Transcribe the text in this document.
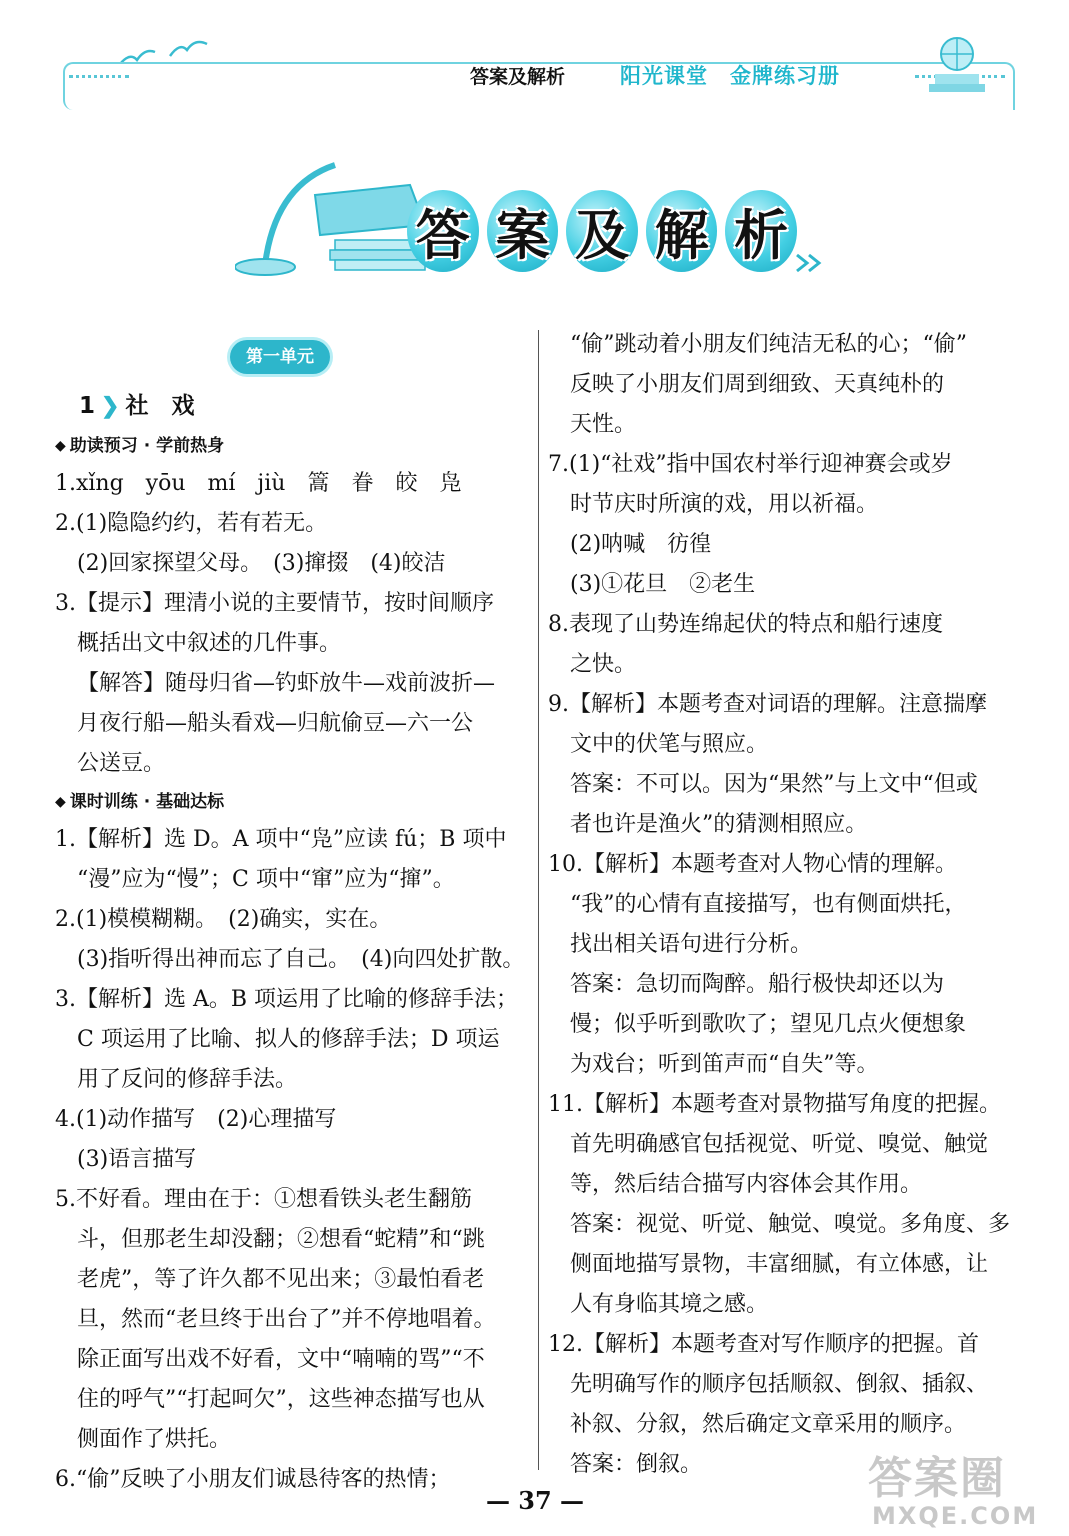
答案及解析	阳光课堂 金牌练习册
答 案 及 解 析
第一单元
1 ❯ 社　戏
◆ 助读预习 · 学前热身

1.xǐng　yōu　mí　jiù　篙　眷　皎　凫

2.(1)隐隐约约，若有若无。

(2)回家探望父母。　(3)撺掇　(4)皎洁

3.【提示】理清小说的主要情节，按时间顺序

概括出文中叙述的几件事。

【解答】随母归省—钓虾放牛—戏前波折—

月夜行船—船头看戏—归航偷豆—六一公

公送豆。

◆ 课时训练 · 基础达标

1.【解析】选 D。A 项中“凫”应读 fú；B 项中

“漫”应为“慢”；C 项中“窜”应为“撺”。

2.(1)模模糊糊。　(2)确实，实在。

(3)指听得出神而忘了自己。　(4)向四处扩散。

3.【解析】选 A。B 项运用了比喻的修辞手法；

C 项运用了比喻、拟人的修辞手法；D 项运

用了反问的修辞手法。

4.(1)动作描写　(2)心理描写

(3)语言描写

5.不好看。理由在于：①想看铁头老生翻筋

斗，但那老生却没翻；②想看“蛇精”和“跳

老虎”，等了许久都不见出来；③最怕看老

旦，然而“老旦终于出台了”并不停地唱着。

除正面写出戏不好看，文中“喃喃的骂”“不

住的呼气”“打起呵欠”，这些神态描写也从

侧面作了烘托。

6.“偷”反映了小朋友们诚恳待客的热情；

“偷”跳动着小朋友们纯洁无私的心；“偷”

反映了小朋友们周到细致、天真纯朴的

天性。

7.(1)“社戏”指中国农村举行迎神赛会或岁

时节庆时所演的戏，用以祈福。

(2)呐喊　彷徨

(3)①花旦　②老生

8.表现了山势连绵起伏的特点和船行速度

之快。

9.【解析】本题考查对词语的理解。注意揣摩

文中的伏笔与照应。

答案：不可以。因为“果然”与上文中“但或

者也许是渔火”的猜测相照应。

10.【解析】本题考查对人物心情的理解。

“我”的心情有直接描写，也有侧面烘托，

找出相关语句进行分析。

答案：急切而陶醉。船行极快却还以为

慢；似乎听到歌吹了；望见几点火便想象

为戏台；听到笛声而“自失”等。

11.【解析】本题考查对景物描写角度的把握。

首先明确感官包括视觉、听觉、嗅觉、触觉

等，然后结合描写内容体会其作用。

答案：视觉、听觉、触觉、嗅觉。多角度、多

侧面地描写景物，丰富细腻，有立体感，让

人有身临其境之感。

12.【解析】本题考查对写作顺序的把握。首

先明确写作的顺序包括顺叙、倒叙、插叙、

补叙、分叙，然后确定文章采用的顺序。

答案：倒叙。

— 37 —	答案圈
MXQE.COM
